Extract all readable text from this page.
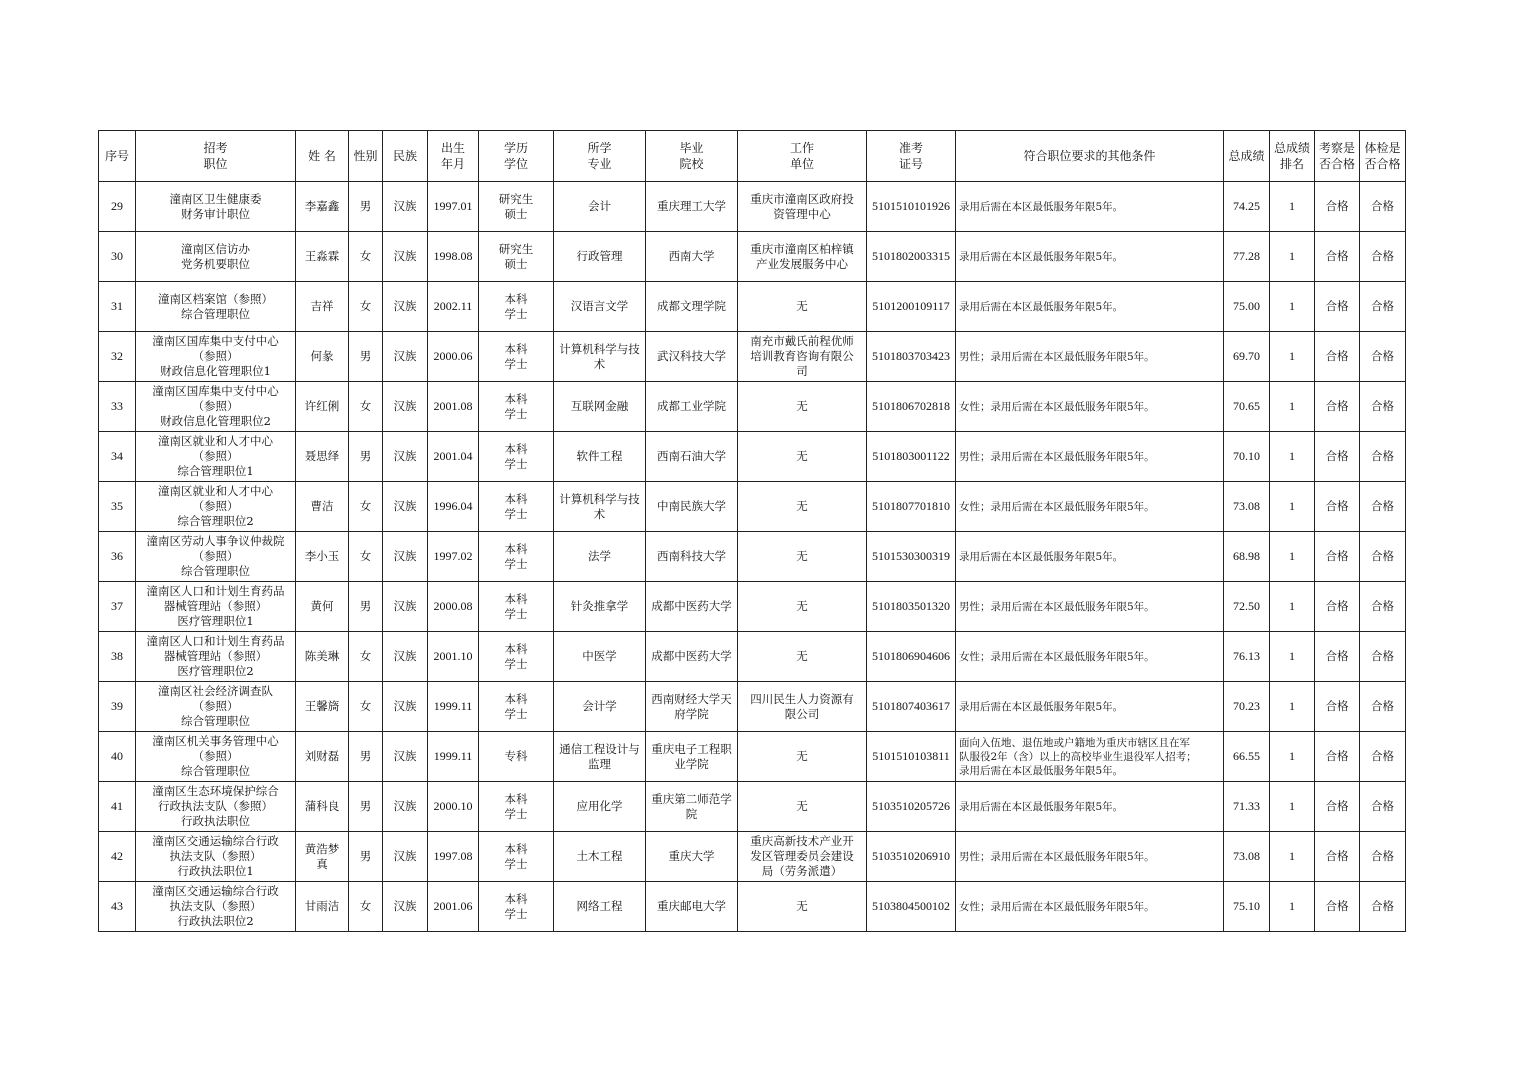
序号	招考
职位	姓 名	性别	民族	出生
年月	学历
学位	所学
专业	毕业
院校	工作
单位	准考
证号	符合职位要求的其他条件	总成绩	总成绩
排名	考察是
否合格	体检是
否合格
29	潼南区卫生健康委
财务审计职位	李嘉鑫	男	汉族	1997.01	研究生
硕士	会计	重庆理工大学	重庆市潼南区政府投
资管理中心	5101510101926	录用后需在本区最低服务年限5年。	74.25	1	合格	合格
30	潼南区信访办
党务机要职位	王淼霖	女	汉族	1998.08	研究生
硕士	行政管理	西南大学	重庆市潼南区柏梓镇
产业发展服务中心	5101802003315	录用后需在本区最低服务年限5年。	77.28	1	合格	合格
31	潼南区档案馆（参照）
综合管理职位	吉祥	女	汉族	2002.11	本科
学士	汉语言文学	成都文理学院	无	5101200109117	录用后需在本区最低服务年限5年。	75.00	1	合格	合格
32	潼南区国库集中支付中心
（参照）
财政信息化管理职位1	何彖	男	汉族	2000.06	本科
学士	计算机科学与技
术	武汉科技大学	南充市戴氏前程优师
培训教育咨询有限公
司	5101803703423	男性；录用后需在本区最低服务年限5年。	69.70	1	合格	合格
33	潼南区国库集中支付中心
（参照）
财政信息化管理职位2	许红俐	女	汉族	2001.08	本科
学士	互联网金融	成都工业学院	无	5101806702818	女性；录用后需在本区最低服务年限5年。	70.65	1	合格	合格
34	潼南区就业和人才中心
（参照）
综合管理职位1	聂思绎	男	汉族	2001.04	本科
学士	软件工程	西南石油大学	无	5101803001122	男性；录用后需在本区最低服务年限5年。	70.10	1	合格	合格
35	潼南区就业和人才中心
（参照）
综合管理职位2	曹洁	女	汉族	1996.04	本科
学士	计算机科学与技
术	中南民族大学	无	5101807701810	女性；录用后需在本区最低服务年限5年。	73.08	1	合格	合格
36	潼南区劳动人事争议仲裁院
（参照）
综合管理职位	李小玉	女	汉族	1997.02	本科
学士	法学	西南科技大学	无	5101530300319	录用后需在本区最低服务年限5年。	68.98	1	合格	合格
37	潼南区人口和计划生育药品
器械管理站（参照）
医疗管理职位1	黄何	男	汉族	2000.08	本科
学士	针灸推拿学	成都中医药大学	无	5101803501320	男性；录用后需在本区最低服务年限5年。	72.50	1	合格	合格
38	潼南区人口和计划生育药品
器械管理站（参照）
医疗管理职位2	陈美琳	女	汉族	2001.10	本科
学士	中医学	成都中医药大学	无	5101806904606	女性；录用后需在本区最低服务年限5年。	76.13	1	合格	合格
39	潼南区社会经济调查队
（参照）
综合管理职位	王馨旖	女	汉族	1999.11	本科
学士	会计学	西南财经大学天
府学院	四川民生人力资源有
限公司	5101807403617	录用后需在本区最低服务年限5年。	70.23	1	合格	合格
40	潼南区机关事务管理中心
（参照）
综合管理职位	刘财磊	男	汉族	1999.11	专科	通信工程设计与
监理	重庆电子工程职
业学院	无	5101510103811	面向入伍地、退伍地或户籍地为重庆市辖区且在军
队服役2年（含）以上的高校毕业生退役军人招考；
录用后需在本区最低服务年限5年。	66.55	1	合格	合格
41	潼南区生态环境保护综合
行政执法支队（参照）
行政执法职位	蒲科良	男	汉族	2000.10	本科
学士	应用化学	重庆第二师范学
院	无	5103510205726	录用后需在本区最低服务年限5年。	71.33	1	合格	合格
42	潼南区交通运输综合行政
执法支队（参照）
行政执法职位1	黄浩梦
真	男	汉族	1997.08	本科
学士	土木工程	重庆大学	重庆高新技术产业开
发区管理委员会建设
局（劳务派遣）	5103510206910	男性；录用后需在本区最低服务年限5年。	73.08	1	合格	合格
43	潼南区交通运输综合行政
执法支队（参照）
行政执法职位2	甘雨洁	女	汉族	2001.06	本科
学士	网络工程	重庆邮电大学	无	5103804500102	女性；录用后需在本区最低服务年限5年。	75.10	1	合格	合格
